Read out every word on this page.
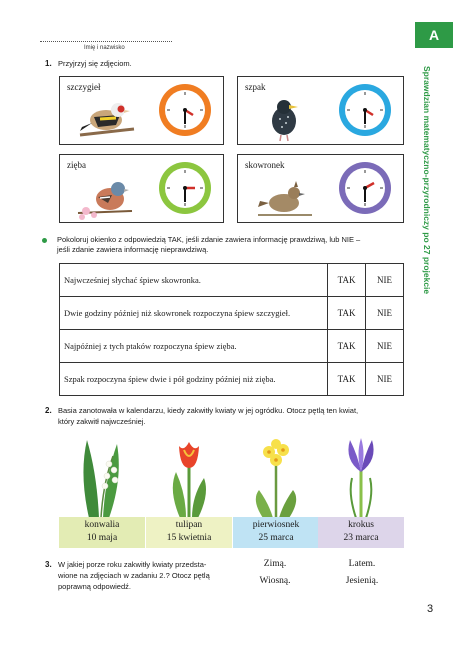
Imię i nazwisko
A
Sprawdzian matematyczno-przyrodniczy po 27 projekcie
1. Przyjrzyj się zdjęciom.
szczygieł	szpak
zięba	skowronek
Pokoloruj okienko z odpowiedzią TAK, jeśli zdanie zawiera informację prawdziwą, lub NIE –
jeśli zdanie zawiera informację nieprawdziwą.
Najwcześniej słychać śpiew skowronka.	TAK	NIE
Dwie godziny później niż skowronek rozpoczyna śpiew szczygieł.	TAK	NIE
Najpóźniej z tych ptaków rozpoczyna śpiew zięba.	TAK	NIE
Szpak rozpoczyna śpiew dwie i pół godziny później niż zięba.	TAK	NIE
2. Basia zanotowała w kalendarzu, kiedy zakwitły kwiaty w jej ogródku. Otocz pętlą ten kwiat,
który zakwitł najwcześniej.
konwalia
10 maja
tulipan
15 kwietnia
pierwiosnek
25 marca
krokus
23 marca
3. W jakiej porze roku zakwitły kwiaty przedsta-
wione na zdjęciach w zadaniu 2.? Otocz pętlą
poprawną odpowiedź.
Zimą.
Wiosną.
Latem.
Jesienią.
3
